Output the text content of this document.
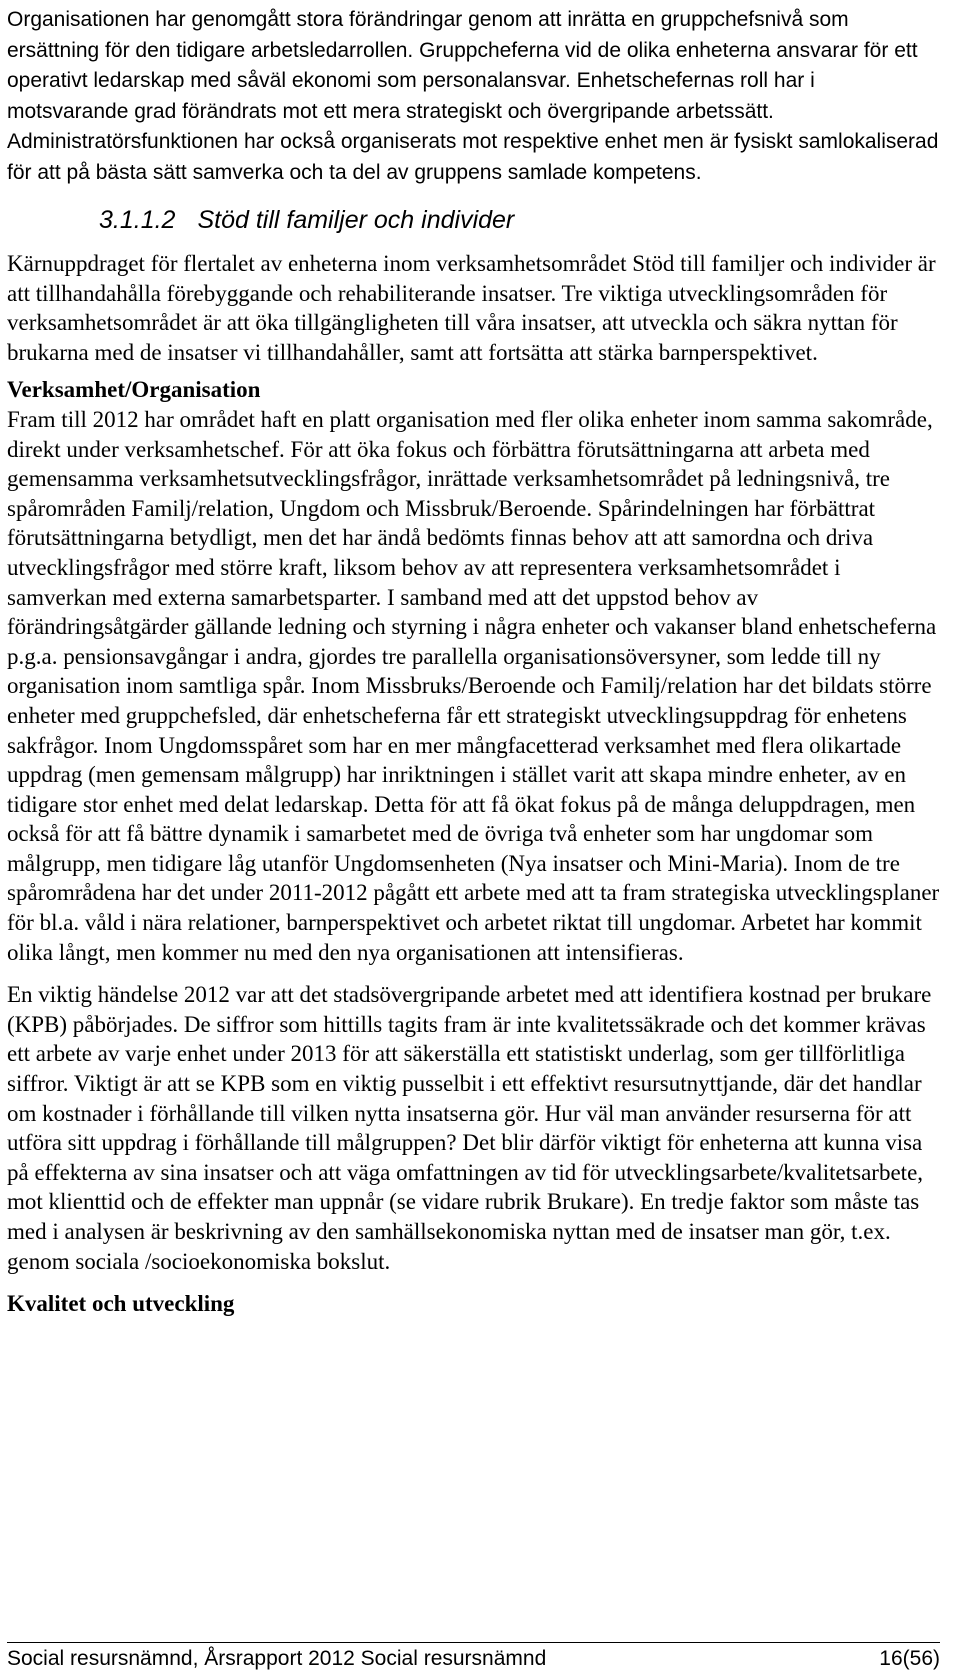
Organisationen har genomgått stora förändringar genom att inrätta en gruppchefsnivå som ersättning för den tidigare arbetsledarrollen. Gruppcheferna vid de olika enheterna ansvarar för ett operativt ledarskap med såväl ekonomi som personalansvar. Enhetschefernas roll har i motsvarande grad förändrats mot ett mera strategiskt och övergripande arbetssätt. Administratörsfunktionen har också organiserats mot respektive enhet men är fysiskt samlokaliserad för att på bästa sätt samverka och ta del av gruppens samlade kompetens.

3.1.1.2 Stöd till familjer och individer

Kärnuppdraget för flertalet av enheterna inom verksamhetsområdet Stöd till familjer och individer är att tillhandahålla förebyggande och rehabiliterande insatser. Tre viktiga utvecklingsområden för verksamhetsområdet är att öka tillgängligheten till våra insatser, att utveckla och säkra nyttan för brukarna med de insatser vi tillhandahåller, samt att fortsätta att stärka barnperspektivet.

Verksamhet/Organisation

Fram till 2012 har området haft en platt organisation med fler olika enheter inom samma sakområde, direkt under verksamhetschef. För att öka fokus och förbättra förutsättningarna att arbeta med gemensamma verksamhetsutvecklingsfrågor, inrättade verksamhetsområdet på ledningsnivå, tre spårområden Familj/relation, Ungdom och Missbruk/Beroende. Spårindelningen har förbättrat förutsättningarna betydligt, men det har ändå bedömts finnas behov att att samordna och driva utvecklingsfrågor med större kraft, liksom behov av att representera verksamhetsområdet i samverkan med externa samarbetsparter. I samband med att det uppstod behov av förändringsåtgärder gällande ledning och styrning i några enheter och vakanser bland enhetscheferna p.g.a. pensionsavgångar i andra, gjordes tre parallella organisationsöversyner, som ledde till ny organisation inom samtliga spår. Inom Missbruks/Beroende och Familj/relation har det bildats större enheter med gruppchefsled, där enhetscheferna får ett strategiskt utvecklingsuppdrag för enhetens sakfrågor. Inom Ungdomsspåret som har en mer mångfacetterad verksamhet med flera olikartade uppdrag (men gemensam målgrupp) har inriktningen i stället varit att skapa mindre enheter, av en tidigare stor enhet med delat ledarskap. Detta för att få ökat fokus på de många deluppdragen, men också för att få bättre dynamik i samarbetet med de övriga två enheter som har ungdomar som målgrupp, men tidigare låg utanför Ungdomsenheten (Nya insatser och Mini-Maria). Inom de tre spårområdena har det under 2011-2012 pågått ett arbete med att ta fram strategiska utvecklingsplaner för bl.a. våld i nära relationer, barnperspektivet och arbetet riktat till ungdomar. Arbetet har kommit olika långt, men kommer nu med den nya organisationen att intensifieras.

En viktig händelse 2012 var att det stadsövergripande arbetet med att identifiera kostnad per brukare (KPB) påbörjades. De siffror som hittills tagits fram är inte kvalitetssäkrade och det kommer krävas ett arbete av varje enhet under 2013 för att säkerställa ett statistiskt underlag, som ger tillförlitliga siffror. Viktigt är att se KPB som en viktig pusselbit i ett effektivt resursutnyttjande, där det handlar om kostnader i förhållande till vilken nytta insatserna gör. Hur väl man använder resurserna för att utföra sitt uppdrag i förhållande till målgruppen? Det blir därför viktigt för enheterna att kunna visa på effekterna av sina insatser och att väga omfattningen av tid för utvecklingsarbete/kvalitetsarbete, mot klienttid och de effekter man uppnår (se vidare rubrik Brukare). En tredje faktor som måste tas med i analysen är beskrivning av den samhällsekonomiska nyttan med de insatser man gör, t.ex. genom sociala /socioekonomiska bokslut.

Kvalitet och utveckling

Social resursnämnd, Årsrapport 2012 Social resursnämnd	16(56)
